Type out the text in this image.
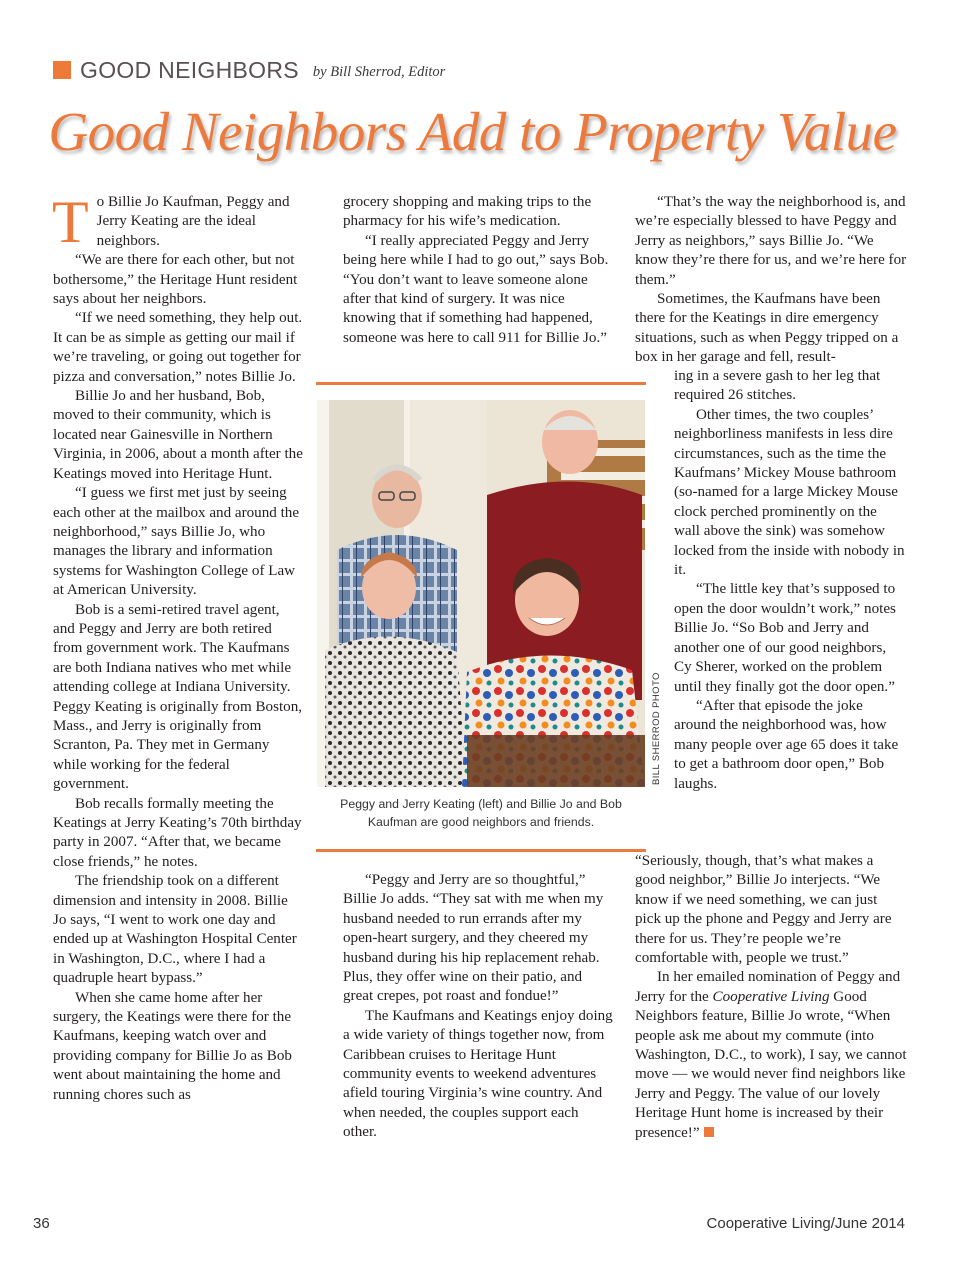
GOOD NEIGHBORS by Bill Sherrod, Editor
Good Neighbors Add to Property Value

To Billie Jo Kaufman, Peggy and Jerry Keating are the ideal neighbors.

“We are there for each other, but not bothersome,” the Heritage Hunt resident says about her neighbors.

“If we need something, they help out. It can be as simple as getting our mail if we’re traveling, or going out together for pizza and conversation,” notes Billie Jo.

Billie Jo and her husband, Bob, moved to their community, which is located near Gainesville in Northern Virginia, in 2006, about a month after the Keatings moved into Heritage Hunt.

“I guess we first met just by seeing each other at the mailbox and around the neighborhood,” says Billie Jo, who manages the library and information systems for Washington College of Law at American University.

Bob is a semi-retired travel agent, and Peggy and Jerry are both retired from government work. The Kaufmans are both Indiana natives who met while attending college at Indiana University. Peggy Keating is originally from Boston, Mass., and Jerry is originally from Scranton, Pa. They met in Germany while working for the federal government.

Bob recalls formally meeting the Keatings at Jerry Keating’s 70th birthday party in 2007. “After that, we became close friends,” he notes.

The friendship took on a different dimension and intensity in 2008. Billie Jo says, “I went to work one day and ended up at Washington Hospital Center in Washington, D.C., where I had a quadruple heart bypass.”

When she came home after her surgery, the Keatings were there for the Kaufmans, keeping watch over and providing company for Billie Jo as Bob went about maintaining the home and running chores such as

grocery shopping and making trips to the pharmacy for his wife’s medication.

“I really appreciated Peggy and Jerry being here while I had to go out,” says Bob. “You don’t want to leave someone alone after that kind of surgery. It was nice knowing that if something had happened, someone was here to call 911 for Billie Jo.”

BILL SHERROD PHOTO
Peggy and Jerry Keating (left) and Billie Jo and Bob Kaufman are good neighbors and friends.

“Peggy and Jerry are so thoughtful,” Billie Jo adds. “They sat with me when my husband needed to run errands after my open-heart surgery, and they cheered my husband during his hip replacement rehab. Plus, they offer wine on their patio, and great crepes, pot roast and fondue!”

The Kaufmans and Keatings enjoy doing a wide variety of things together now, from Caribbean cruises to Heritage Hunt community events to weekend adventures afield touring Virginia’s wine country. And when needed, the couples support each other.

“That’s the way the neighborhood is, and we’re especially blessed to have Peggy and Jerry as neighbors,” says Billie Jo. “We know they’re there for us, and we’re here for them.”

Sometimes, the Kaufmans have been there for the Keatings in dire emergency situations, such as when Peggy tripped on a box in her garage and fell, result-

ing in a severe gash to her leg that required 26 stitches.

Other times, the two couples’ neighborliness manifests in less dire circumstances, such as the time the Kaufmans’ Mickey Mouse bathroom (so-named for a large Mickey Mouse clock perched prominently on the wall above the sink) was somehow locked from the inside with nobody in it.

“The little key that’s supposed to open the door wouldn’t work,” notes Billie Jo. “So Bob and Jerry and another one of our good neighbors, Cy Sherer, worked on the problem until they finally got the door open.”

“After that episode the joke around the neighborhood was, how many people over age 65 does it take to get a bathroom door open,” Bob laughs.

“Seriously, though, that’s what makes a good neighbor,” Billie Jo interjects. “We know if we need something, we can just pick up the phone and Peggy and Jerry are there for us. They’re people we’re comfortable with, people we trust.”

In her emailed nomination of Peggy and Jerry for the Cooperative Living Good Neighbors feature, Billie Jo wrote, “When people ask me about my commute (into Washington, D.C., to work), I say, we cannot move — we would never find neighbors like Jerry and Peggy. The value of our lovely Heritage Hunt home is increased by their presence!”

36	Cooperative Living/June 2014
